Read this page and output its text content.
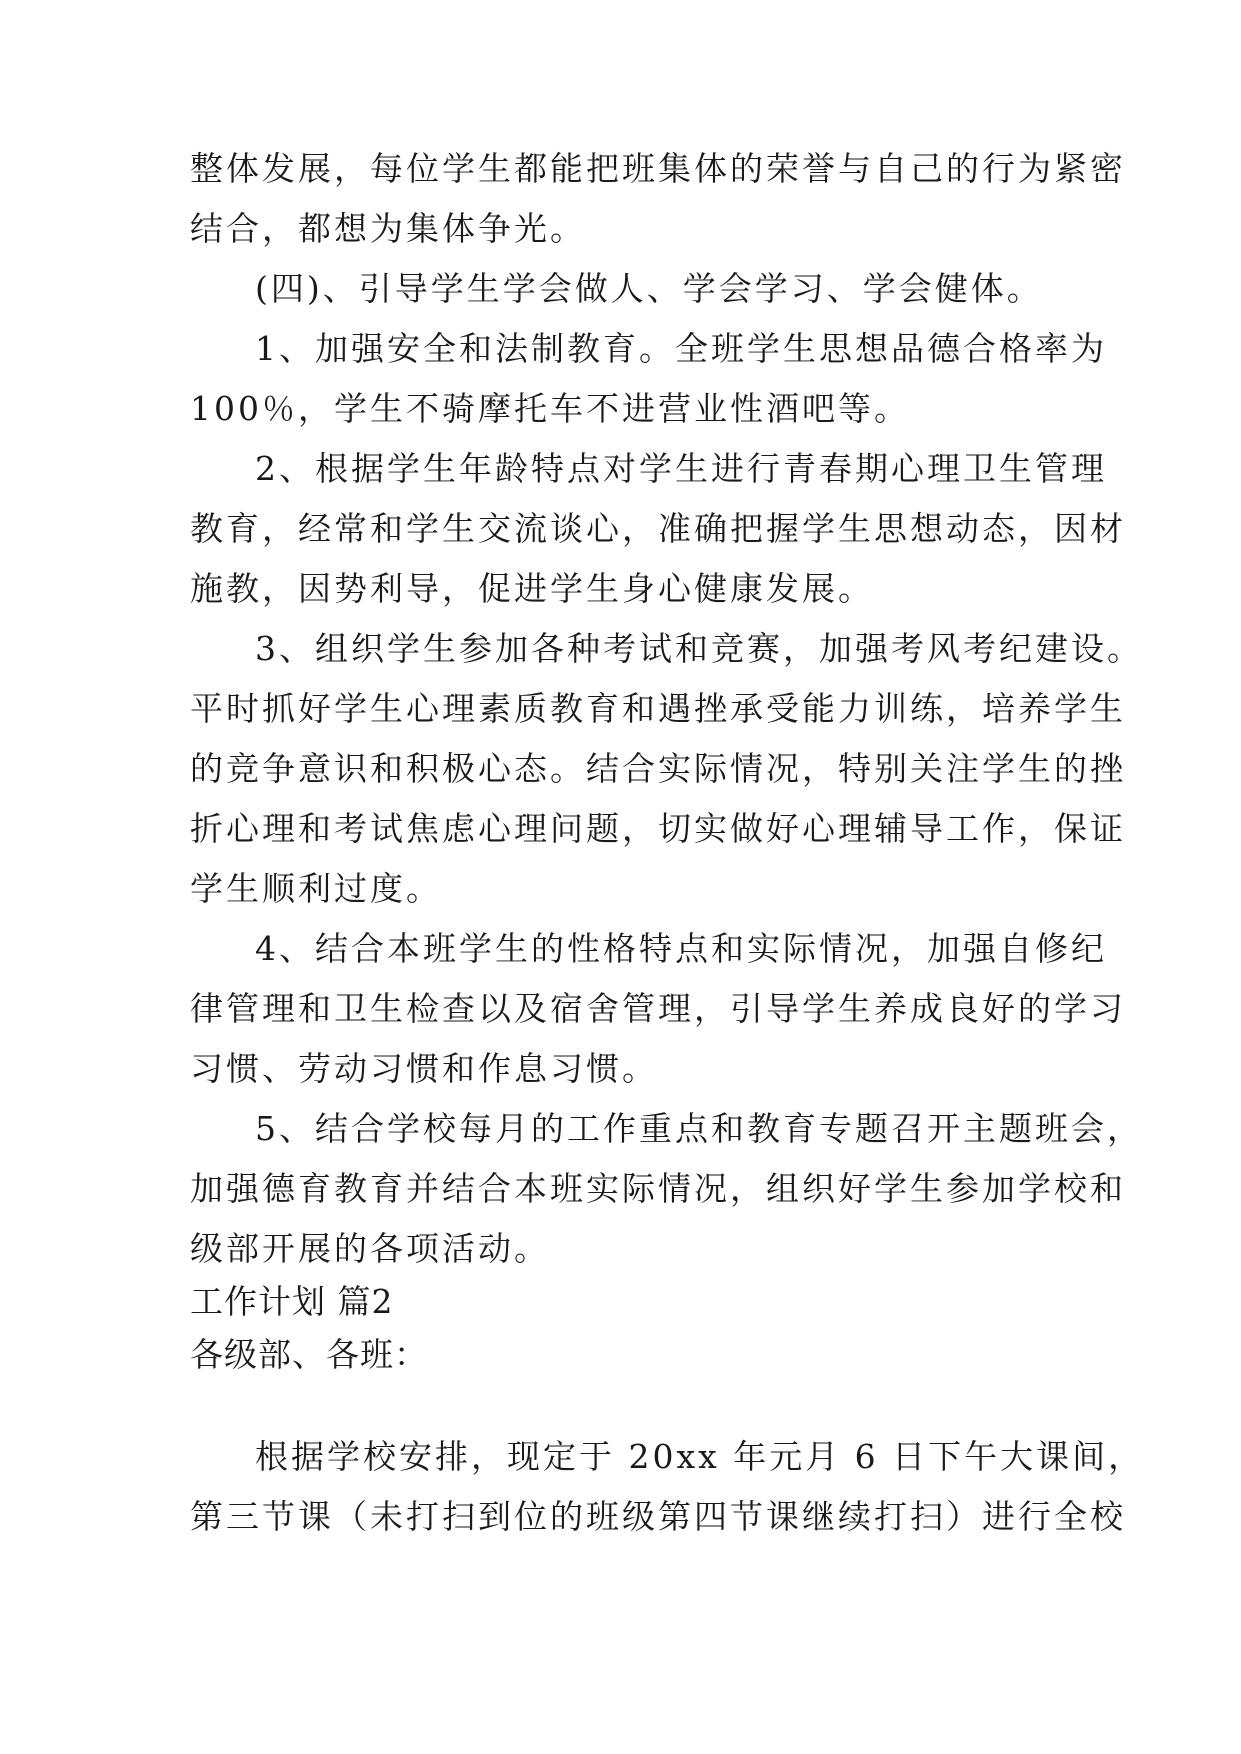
整体发展，每位学生都能把班集体的荣誉与自己的行为紧密
结合，都想为集体争光。
(四)、引导学生学会做人、学会学习、学会健体。
1、加强安全和法制教育。全班学生思想品德合格率为
100％，学生不骑摩托车不进营业性酒吧等。
2、根据学生年龄特点对学生进行青春期心理卫生管理
教育，经常和学生交流谈心，准确把握学生思想动态，因材
施教，因势利导，促进学生身心健康发展。
3、组织学生参加各种考试和竞赛，加强考风考纪建设。
平时抓好学生心理素质教育和遇挫承受能力训练，培养学生
的竞争意识和积极心态。结合实际情况，特别关注学生的挫
折心理和考试焦虑心理问题，切实做好心理辅导工作，保证
学生顺利过度。
4、结合本班学生的性格特点和实际情况，加强自修纪
律管理和卫生检查以及宿舍管理，引导学生养成良好的学习
习惯、劳动习惯和作息习惯。
5、结合学校每月的工作重点和教育专题召开主题班会，
加强德育教育并结合本班实际情况，组织好学生参加学校和
级部开展的各项活动。
工作计划 篇2
各级部、各班：
根据学校安排，现定于 20xx 年元月 6 日下午大课间，
第三节课（未打扫到位的班级第四节课继续打扫）进行全校
